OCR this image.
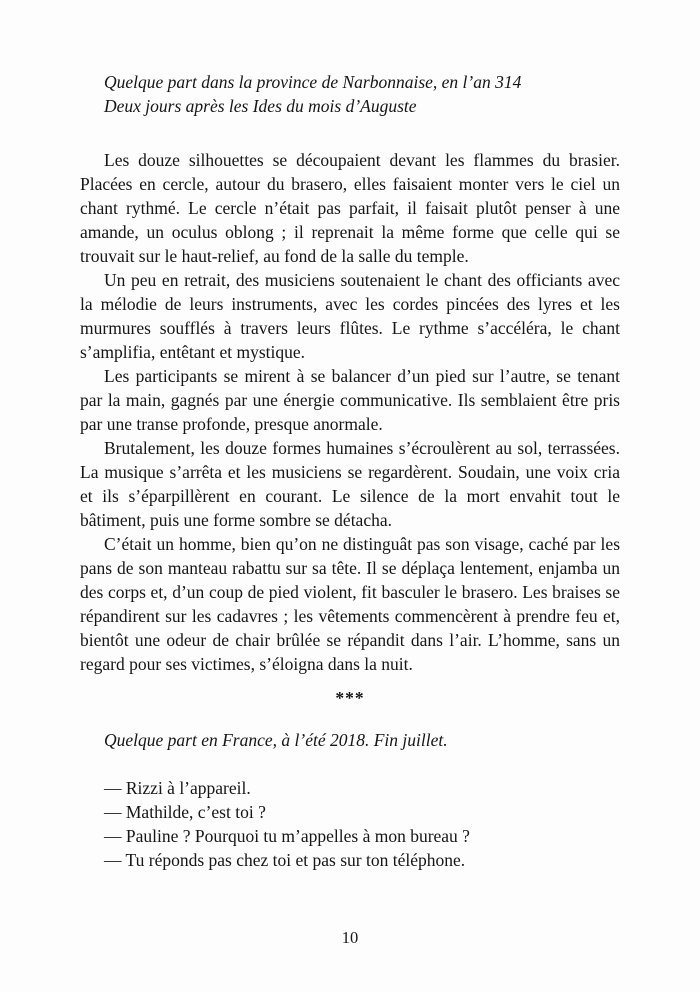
Quelque part dans la province de Narbonnaise, en l’an 314
Deux jours après les Ides du mois d’Auguste

Les douze silhouettes se découpaient devant les flammes du brasier. Placées en cercle, autour du brasero, elles faisaient monter vers le ciel un chant rythmé. Le cercle n’était pas parfait, il faisait plutôt penser à une amande, un oculus oblong ; il reprenait la même forme que celle qui se trouvait sur le haut-relief, au fond de la salle du temple.

Un peu en retrait, des musiciens soutenaient le chant des officiants avec la mélodie de leurs instruments, avec les cordes pincées des lyres et les murmures soufflés à travers leurs flûtes. Le rythme s’accéléra, le chant s’amplifia, entêtant et mystique.

Les participants se mirent à se balancer d’un pied sur l’autre, se tenant par la main, gagnés par une énergie communicative. Ils semblaient être pris par une transe profonde, presque anormale.

Brutalement, les douze formes humaines s’écroulèrent au sol, terrassées. La musique s’arrêta et les musiciens se regardèrent. Soudain, une voix cria et ils s’éparpillèrent en courant. Le silence de la mort envahit tout le bâtiment, puis une forme sombre se détacha.

C’était un homme, bien qu’on ne distinguât pas son visage, caché par les pans de son manteau rabattu sur sa tête. Il se déplaça lentement, enjamba un des corps et, d’un coup de pied violent, fit basculer le brasero. Les braises se répandirent sur les cadavres ; les vêtements commencèrent à prendre feu et, bientôt une odeur de chair brûlée se répandit dans l’air. L’homme, sans un regard pour ses victimes, s’éloigna dans la nuit.

***
Quelque part en France, à l’été 2018. Fin juillet.
— Rizzi à l’appareil.
— Mathilde, c’est toi ?
— Pauline ? Pourquoi tu m’appelles à mon bureau ?
— Tu réponds pas chez toi et pas sur ton téléphone.
10
